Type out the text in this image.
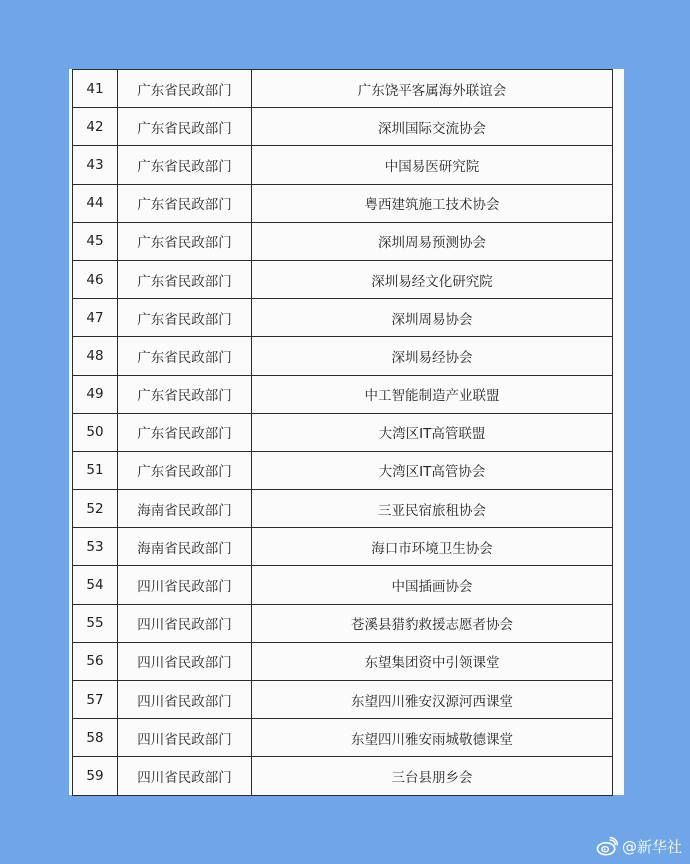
41	广东省民政部门	广东饶平客属海外联谊会
42	广东省民政部门	深圳国际交流协会
43	广东省民政部门	中国易医研究院
44	广东省民政部门	粤西建筑施工技术协会
45	广东省民政部门	深圳周易预测协会
46	广东省民政部门	深圳易经文化研究院
47	广东省民政部门	深圳周易协会
48	广东省民政部门	深圳易经协会
49	广东省民政部门	中工智能制造产业联盟
50	广东省民政部门	大湾区IT高管联盟
51	广东省民政部门	大湾区IT高管协会
52	海南省民政部门	三亚民宿旅租协会
53	海南省民政部门	海口市环境卫生协会
54	四川省民政部门	中国插画协会
55	四川省民政部门	苍溪县猎豹救援志愿者协会
56	四川省民政部门	东望集团资中引领课堂
57	四川省民政部门	东望四川雅安汉源河西课堂
58	四川省民政部门	东望四川雅安雨城敬德课堂
59	四川省民政部门	三台县朋乡会
@新华社
